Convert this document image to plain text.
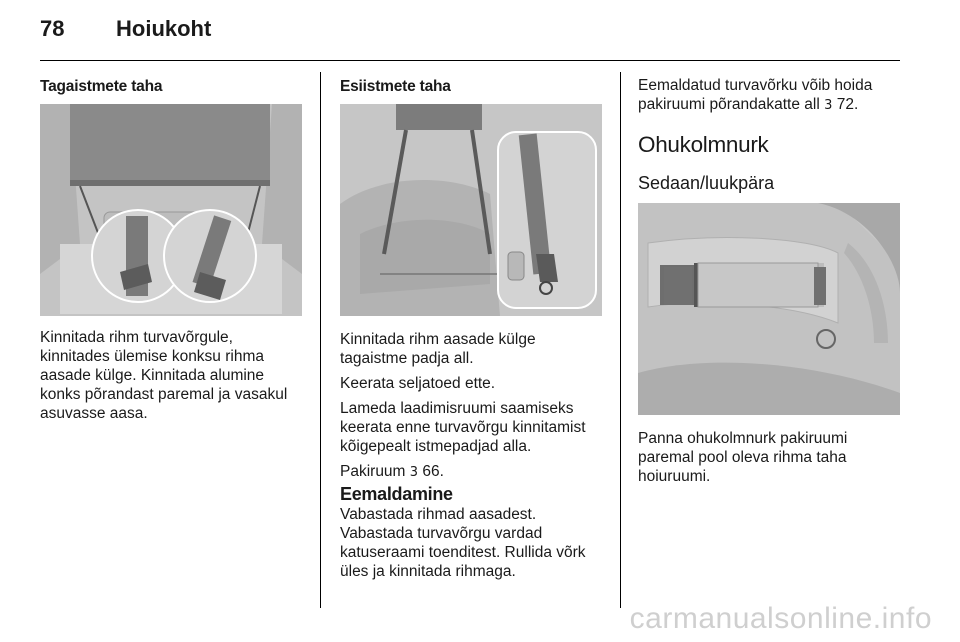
78 Hoiukoht
Tagaistmete taha
Kinnitada rihm turvavõrgule,
kinnitades ülemise konksu rihma
aasade külge. Kinnitada alumine
konks põrandast paremal ja vasakul
asuvasse aasa.
Esiistmete taha

Kinnitada rihm aasade külge
tagaistme padja all.

Keerata seljatoed ette.

Lameda laadimisruumi saamiseks
keerata enne turvavõrgu kinnitamist
kõigepealt istmepadjad alla.

Pakiruum 3 66.

Eemaldamine
Vabastada rihmad aasadest.
Vabastada turvavõrgu vardad
katuseraami toenditest. Rullida võrk
üles ja kinnitada rihmaga.
Eemaldatud turvavõrku võib hoida
pakiruumi põrandakatte all 3 72.
Ohukolmnurk
Sedaan/luukpära
Panna ohukolmnurk pakiruumi
paremal pool oleva rihma taha
hoiuruumi.
carmanualsonline.info
